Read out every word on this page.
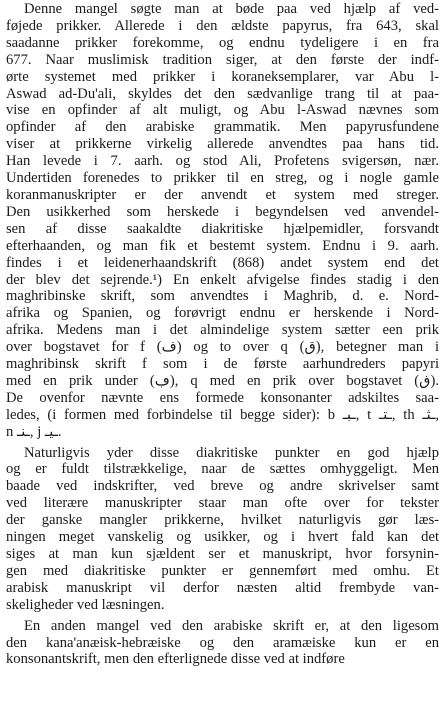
Denne mangel søgte man at bøde paa ved hjælp af ved-
føjede prikker. Allerede i den ældste papyrus, fra 643, skal
saadanne prikker forekomme, og endnu tydeligere i en fra
677. Naar muslimisk tradition siger, at den første der indf-
ørte systemet med prikker i koraneksemplarer, var Abu l-
Aswad ad-Du'ali, skyldes det den sædvanlige trang til at paa-
vise en opfinder af alt muligt, og Abu l-Aswad nævnes som
opfinder af den arabiske grammatik. Men papyrusfundene
viser at prikkerne virkelig allerede anvendtes paa hans tid.
Han levede i 7. aarh. og stod Ali, Profetens svigersøn, nær.
Undertiden forenedes to prikker til en streg, og i nogle gamle
koranmanuskripter er der anvendt et system med streger.
Den usikkerhed som herskede i begyndelsen ved anvendel-
sen af disse saakaldte diakritiske hjælpemidler, forsvandt
efterhaanden, og man fik et bestemt system. Endnu i 9. aarh.
findes i et leidenerhaandskrift (868) andet system end det
der blev det sejrende.¹) En enkelt afvigelse findes stadig i den
maghribinske skrift, som anvendtes i Maghrib, d. e. Nord-
afrika og Spanien, og forøvrigt endnu er herskende i Nord-
afrika. Medens man i det almindelige system sætter een prik
over bogstavet for f (ف) og to over q (ق), betegner man i
maghribinsk skrift f som i de første aarhundreders papyri
med en prik under (ڢ), q med en prik over bogstavet (ڧ).
De ovenfor nævnte ens formede konsonanter adskiltes saa-
ledes, (i formen med forbindelse til begge sider): b ـبـ, t ـتـ, th ـثـ,
n ـنـ, j ـيـ.
Naturligvis yder disse diakritiske punkter en god hjælp
og er fuldt tilstrækkelige, naar de sættes omhyggeligt. Men
baade ved indskrifter, ved breve og andre skrivelser samt
ved literære manuskripter staar man ofte over for tekster
der ganske mangler prikkerne, hvilket naturligvis gør læs-
ningen meget vanskelig og usikker, og i hvert fald kan det
siges at man kun sjældent ser et manuskript, hvor forsynin-
gen med diakritiske punkter er gennemført med omhu. Et
arabisk manuskript vil derfor næsten altid frembyde van-
skeligheder ved læsningen.
En anden mangel ved den arabiske skrift er, at den ligesom
den kana'anæisk-hebræiske og den aramæiske kun er en
konsonantskrift, men den efterlignede disse ved at indføre
